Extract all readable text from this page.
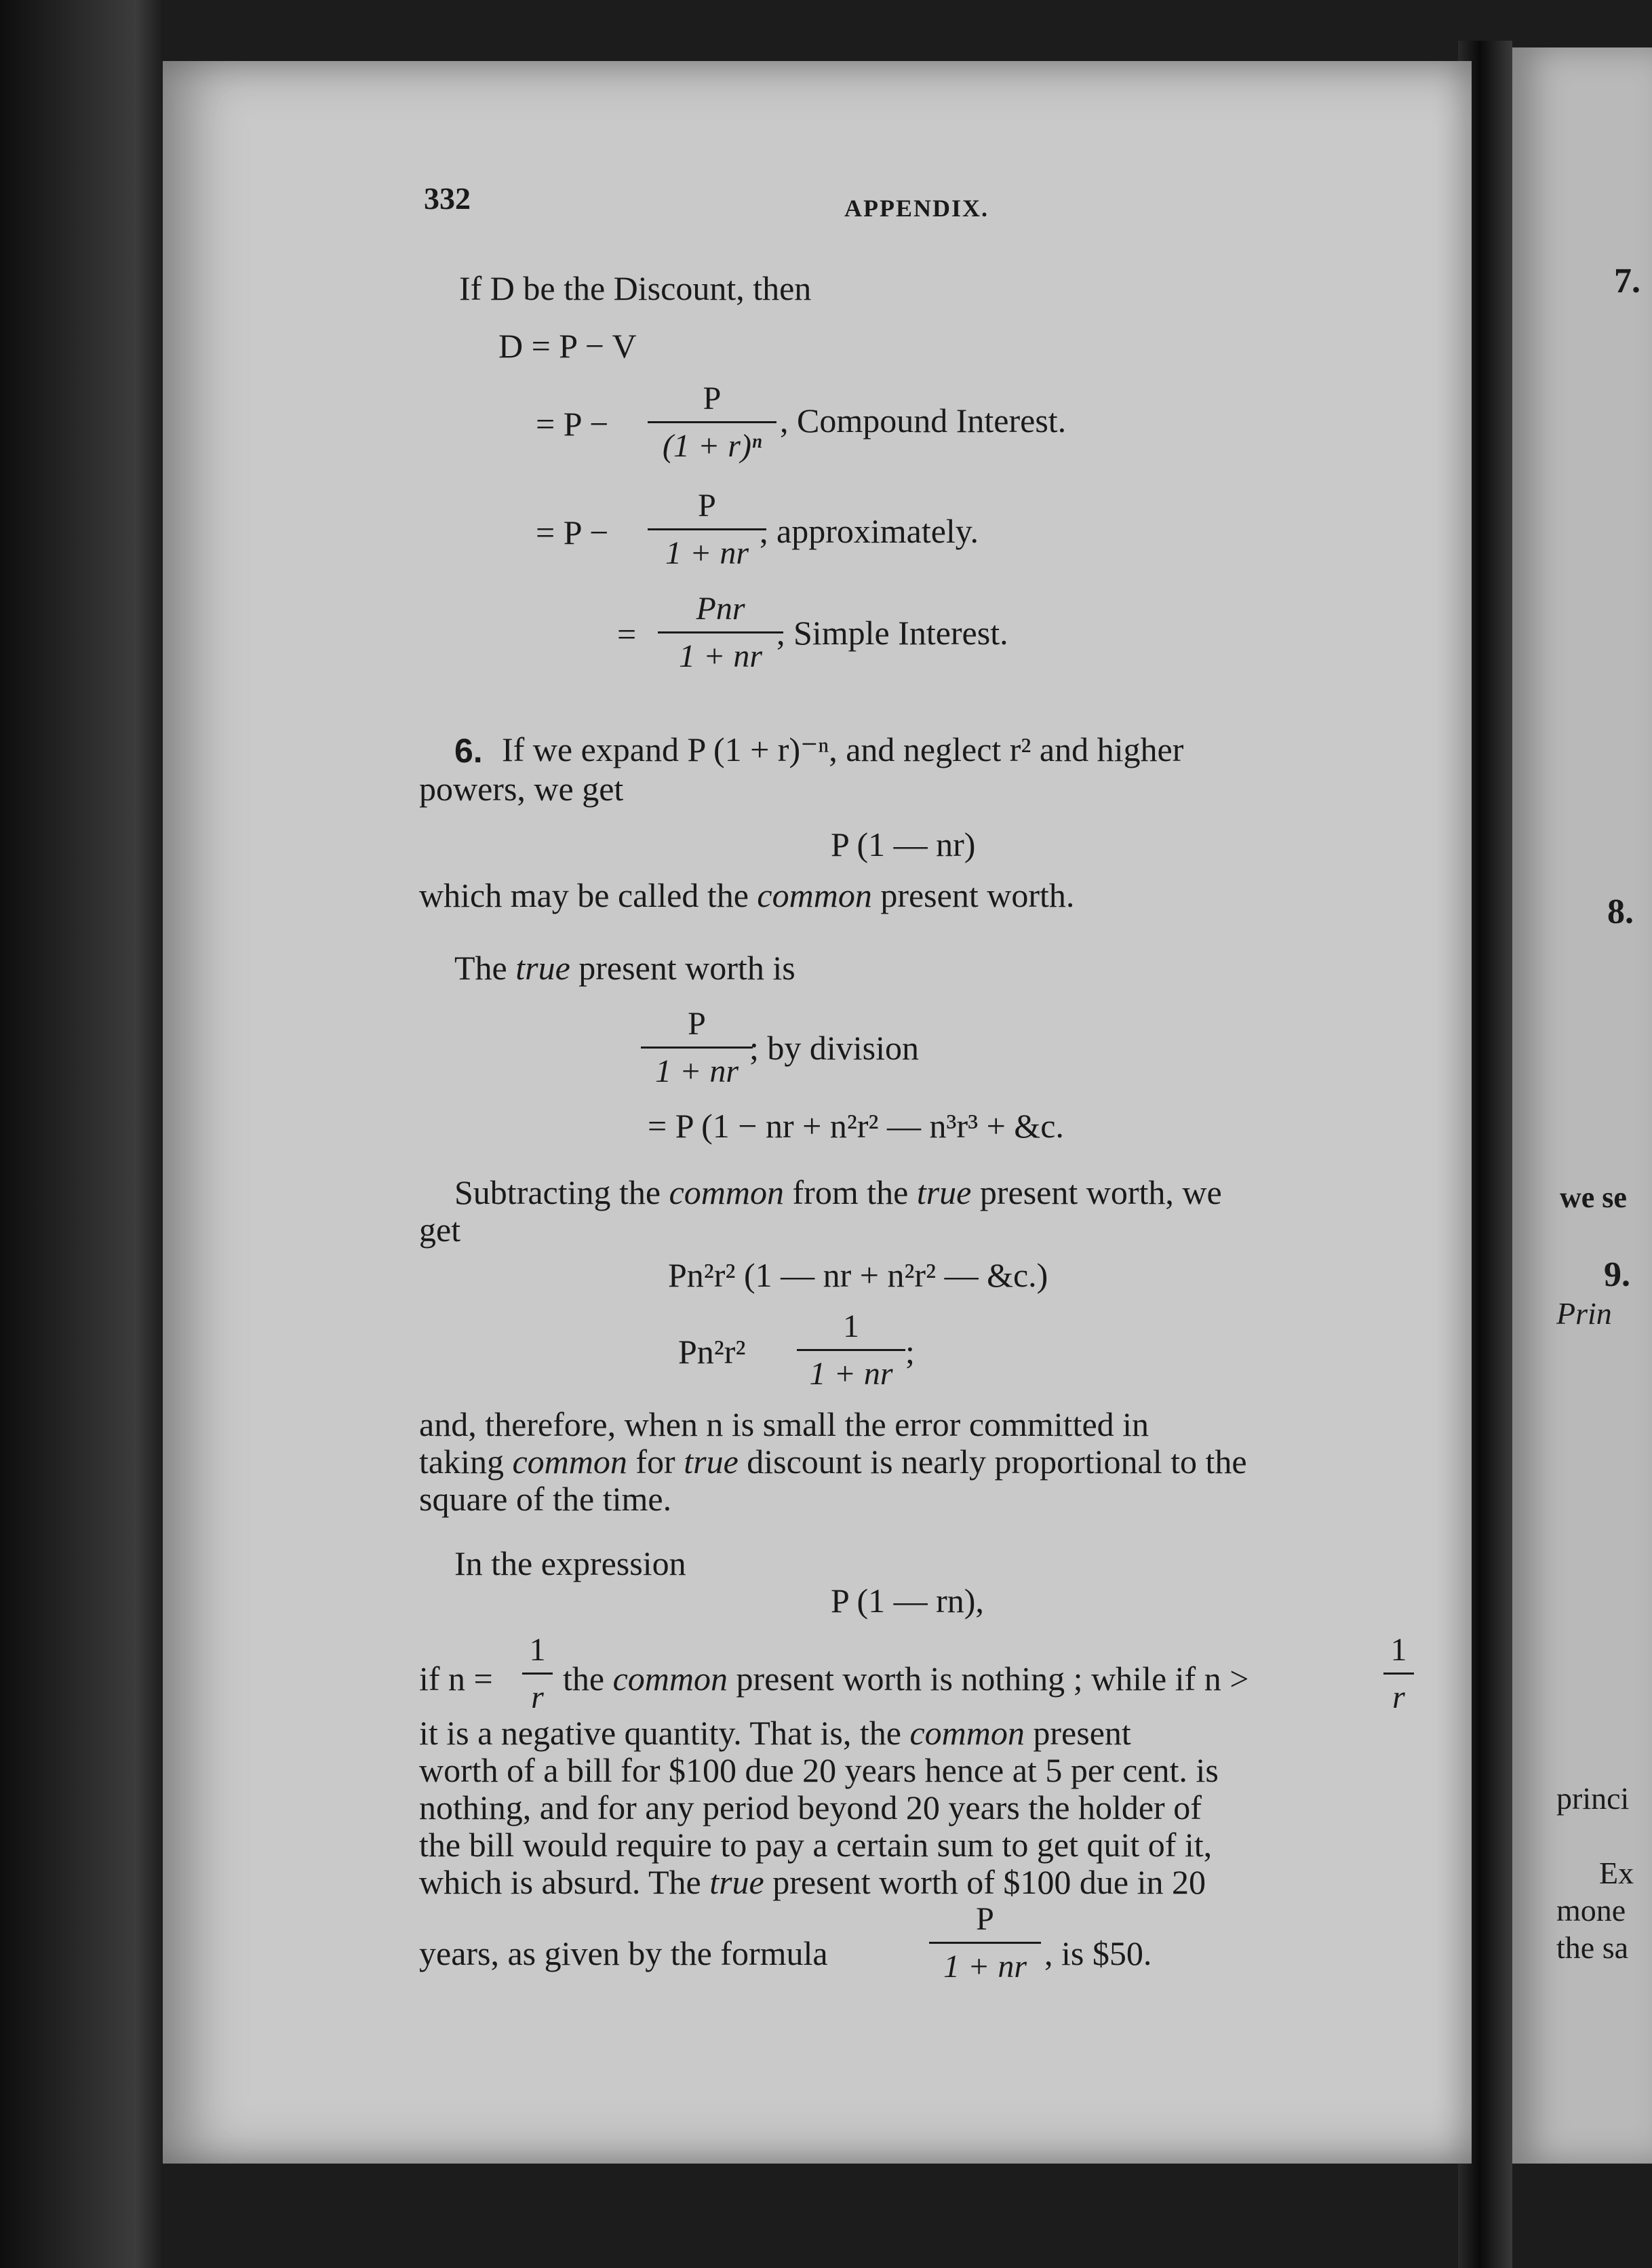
332	APPENDIX.
If D be the Discount, then
D = P − V
= P −
P
(1 + r)ⁿ
, Compound Interest.
= P −
P
1 + nr
, approximately.
=
Pnr
1 + nr
, Simple Interest.
6. If we expand P (1 + r)⁻ⁿ, and neglect r² and higher
powers, we get
P (1 — nr)
which may be called the common present worth.
The true present worth is
P
1 + nr
; by division
= P (1 − nr + n²r² — n³r³ + &c.
Subtracting the common from the true present worth, we
get
Pn²r² (1 — nr + n²r² — &c.)
Pn²r²
1
1 + nr
;
and, therefore, when n is small the error committed in
taking common for true discount is nearly proportional to the
square of the time.
In the expression
P (1 — rn),
if n =
1
r the common present worth is nothing ; while if n >
1
r
it is a negative quantity. That is, the common present
worth of a bill for $100 due 20 years hence at 5 per cent. is
nothing, and for any period beyond 20 years the holder of
the bill would require to pay a certain sum to get quit of it,
which is absurd. The true present worth of $100 due in 20
years, as given by the formula
P
1 + nr , is $50.
7.
8.
we se
9.
Prin
princi
Ex
mone
the sa
